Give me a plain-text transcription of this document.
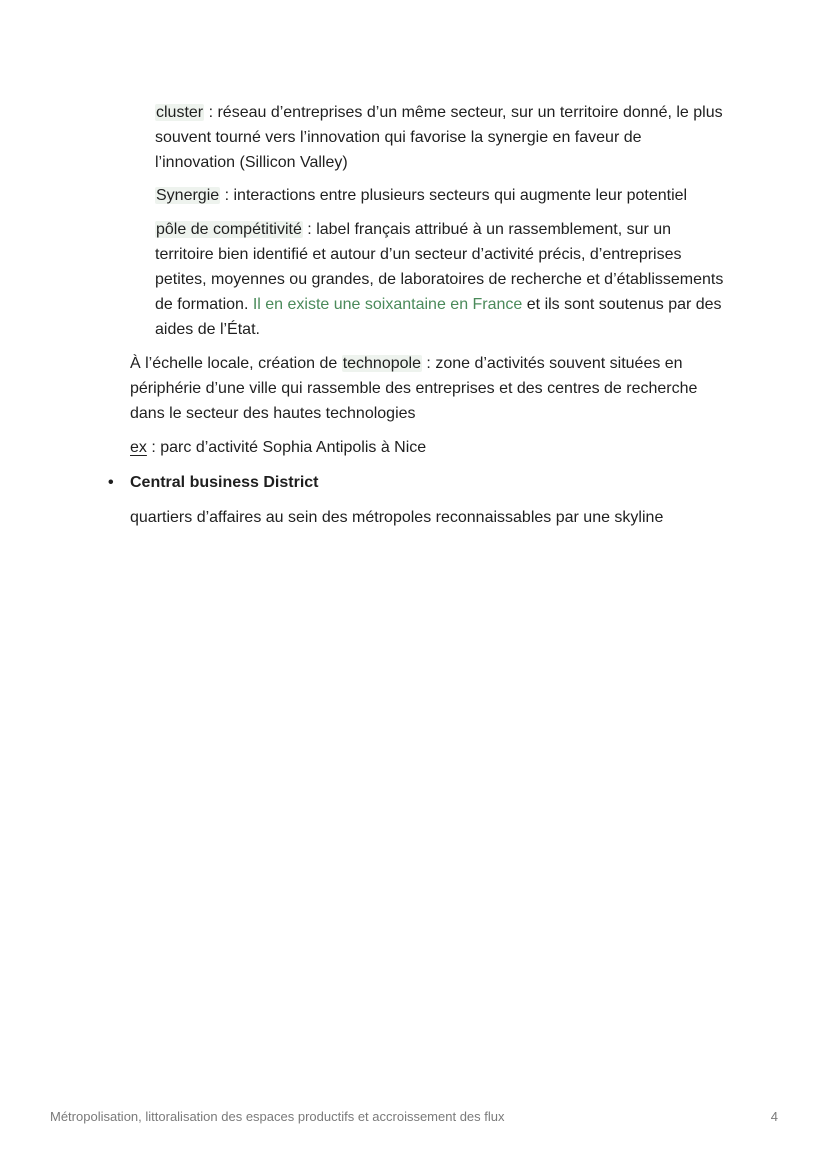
cluster : réseau d’entreprises d’un même secteur, sur un territoire donné, le plus souvent tourné vers l’innovation qui favorise la synergie en faveur de l’innovation (Sillicon Valley)

Synergie : interactions entre plusieurs secteurs qui augmente leur potentiel

pôle de compétitivité : label français attribué à un rassemblement, sur un territoire bien identifié et autour d’un secteur d’activité précis, d’entreprises petites, moyennes ou grandes, de laboratoires de recherche et d’établissements de formation. Il en existe une soixantaine en France et ils sont soutenus par des aides de l’État.

À l’échelle locale, création de technopole : zone d’activités souvent situées en périphérie d’une ville qui rassemble des entreprises et des centres de recherche dans le secteur des hautes technologies

ex : parc d’activité Sophia Antipolis à Nice

• Central business District

quartiers d’affaires au sein des métropoles reconnaissables par une skyline

Métropolisation, littoralisation des espaces productifs et accroissement des flux	4
